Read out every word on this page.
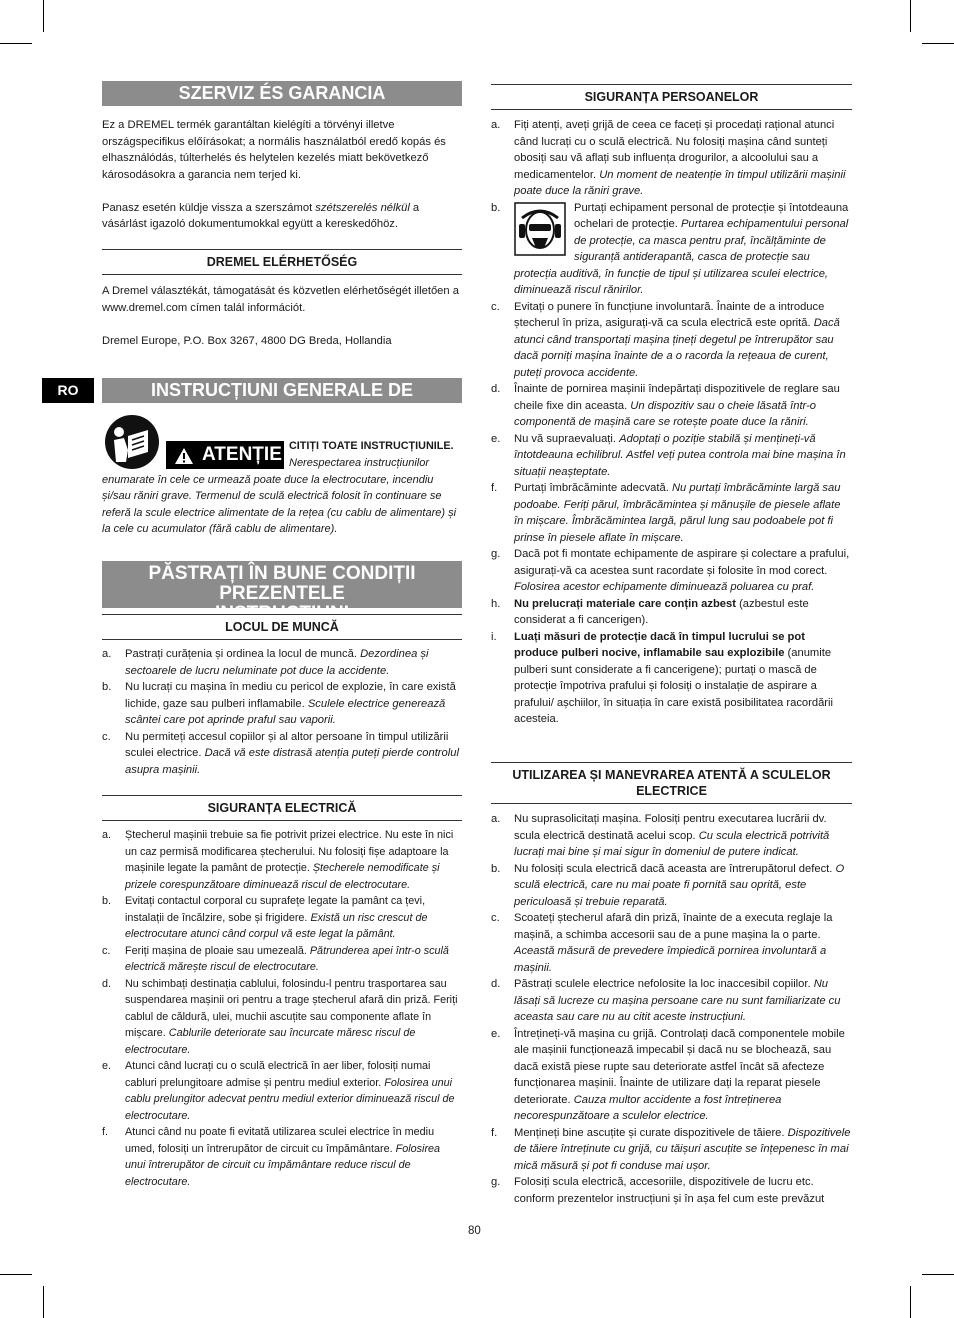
SZERVIZ ÉS GARANCIA

Ez a DREMEL termék garantáltan kielégíti a törvényi illetve országspecifikus előírásokat; a normális használatból eredő kopás és elhasználódás, túlterhelés és helytelen kezelés miatt bekövetkező károsodásokra a garancia nem terjed ki.

Panasz esetén küldje vissza a szerszámot szétszerelés nélkül a vásárlást igazoló dokumentumokkal együtt a kereskedőhöz.

DREMEL ELÉRHETŐSÉG

A Dremel választékát, támogatását és közvetlen elérhetőségét illetően a www.dremel.com címen talál információt.

Dremel Europe, P.O. Box 3267, 4800 DG Breda, Hollandia

RO	INSTRUCȚIUNI GENERALE DE SIGURANȚĂ
ATENȚIE CITIȚI TOATE INSTRUCȚIUNILE.
Nerespectarea instrucțiunilor enumarate în cele ce urmează poate duce la electrocutare, incendiu și/sau răniri grave. Termenul de sculă electrică folosit în continuare se referă la scule electrice alimentate de la rețea (cu cablu de alimentare) și la cele cu acumulator (fără cablu de alimentare).
PĂSTRAȚI ÎN BUNE CONDIȚII PREZENTELE
INSTRUCȚIUNI
LOCUL DE MUNCĂ
a. Pastrați curățenia și ordinea la locul de muncă. Dezordinea și sectoarele de lucru neluminate pot duce la accidente.
b. Nu lucrați cu mașina în mediu cu pericol de explozie, în care există lichide, gaze sau pulberi inflamabile. Sculele electrice generează scântei care pot aprinde praful sau vaporii.
c. Nu permiteți accesul copiilor și al altor persoane în timpul utilizării sculei electrice. Dacă vă este distrasă atenția puteți pierde controlul asupra mașinii.
SIGURANȚA ELECTRICĂ
a. Ștecherul mașinii trebuie sa fie potrivit prizei electrice. Nu este în nici un caz permisă modificarea ștecherului. Nu folosiți fișe adaptoare la mașinile legate la pamânt de protecție. Ștecherele nemodificate și prizele corespunzătoare diminuează riscul de electrocutare.
b. Evitați contactul corporal cu suprafețe legate la pamânt ca țevi, instalații de încălzire, sobe și frigidere. Există un risc crescut de electrocutare atunci când corpul vă este legat la pământ.
c. Feriți mașina de ploaie sau umezeală. Pătrunderea apei într-o sculă electrică mărește riscul de electrocutare.
d. Nu schimbați destinația cablului, folosindu-l pentru trasportarea sau suspendarea mașinii ori pentru a trage ștecherul afară din priză. Feriți cablul de căldură, ulei, muchii ascuțite sau componente aflate în mișcare. Cablurile deteriorate sau încurcate măresc riscul de electrocutare.
e. Atunci când lucrați cu o sculă electrică în aer liber, folosiți numai cabluri prelungitoare admise și pentru mediul exterior. Folosirea unui cablu prelungitor adecvat pentru mediul exterior diminuează riscul de electrocutare.
f. Atunci când nu poate fi evitată utilizarea sculei electrice în mediu umed, folosiți un întrerupător de circuit cu împământare. Folosirea unui întrerupător de circuit cu împământare reduce riscul de electrocutare.
SIGURANȚA PERSOANELOR
a. Fiți atenți, aveți grijă de ceea ce faceți și procedați rațional atunci când lucrați cu o sculă electrică. Nu folosiți mașina când sunteți obosiți sau vă aflați sub influența drogurilor, a alcoolului sau a medicamentelor. Un moment de neatenție în timpul utilizării mașinii poate duce la răniri grave.
b.	Purtați echipament personal de protecție și întotdeauna ochelari de protecție. Purtarea echipamentului personal de protecție, ca masca pentru praf, încălțăminte de siguranță antiderapantă, casca de protecție sau protecția auditivă, în funcție de tipul și utilizarea sculei electrice, diminuează riscul rănirilor.
c. Evitați o punere în funcțiune involuntară. Înainte de a introduce ștecherul în priza, asigurați-vă ca scula electrică este oprită. Dacă atunci când transportați mașina țineți degetul pe întrerupător sau dacă porniți mașina înainte de a o racorda la rețeaua de curent, puteți provoca accidente.
d. Înainte de pornirea mașinii îndepărtați dispozitivele de reglare sau cheile fixe din aceasta. Un dispozitiv sau o cheie lăsată într-o componentă de mașină care se rotește poate duce la răniri.
e. Nu vă supraevaluați. Adoptați o poziție stabilă și mențineți-vă întotdeauna echilibrul. Astfel veți putea controla mai bine mașina în situații neașteptate.
f. Purtați îmbrăcăminte adecvată. Nu purtați îmbrăcăminte largă sau podoabe. Feriți părul, îmbrăcămintea și mănușile de piesele aflate în mișcare. Îmbrăcămintea largă, părul lung sau podoabele pot fi prinse în piesele aflate în mișcare.
g. Dacă pot fi montate echipamente de aspirare și colectare a prafului, asigurați-vă ca acestea sunt racordate și folosite în mod corect. Folosirea acestor echipamente diminuează poluarea cu praf.
h. Nu prelucrați materiale care conțin azbest (azbestul este considerat a fi cancerigen).
i. Luați măsuri de protecție dacă în timpul lucrului se pot produce pulberi nocive, inflamabile sau explozibile (anumite pulberi sunt considerate a fi cancerigene); purtați o mască de protecție împotriva prafului și folosiți o instalație de aspirare a prafului/ așchiilor, în situația în care există posibilitatea racordării acesteia.
UTILIZAREA ȘI MANEVRAREA ATENTĂ A SCULELOR
ELECTRICE
a. Nu suprasolicitați mașina. Folosiți pentru executarea lucrării dv. scula electrică destinată acelui scop. Cu scula electrică potrivită lucrați mai bine și mai sigur în domeniul de putere indicat.
b. Nu folosiți scula electrică dacă aceasta are întrerupătorul defect. O sculă electrică, care nu mai poate fi pornită sau oprită, este periculoasă și trebuie reparată.
c. Scoateți ștecherul afară din priză, înainte de a executa reglaje la mașină, a schimba accesorii sau de a pune mașina la o parte. Această măsură de prevedere împiedică pornirea involuntară a mașinii.
d. Păstrați sculele electrice nefolosite la loc inaccesibil copiilor. Nu lăsați să lucreze cu mașina persoane care nu sunt familiarizate cu aceasta sau care nu au citit aceste instrucțiuni.
e. Întrețineți-vă mașina cu grijă. Controlați dacă componentele mobile ale mașinii funcționează impecabil și dacă nu se blochează, sau dacă există piese rupte sau deteriorate astfel încât să afecteze funcționarea mașinii. Înainte de utilizare dați la reparat piesele deteriorate. Cauza multor accidente a fost întreținerea necorespunzătoare a sculelor electrice.
f. Mențineți bine ascuțite și curate dispozitivele de tăiere. Dispozitivele de tăiere întreținute cu grijă, cu tăișuri ascuțite se înțepenesc în mai mică măsură și pot fi conduse mai ușor.
g. Folosiți scula electrică, accesoriile, dispozitivele de lucru etc. conform prezentelor instrucțiuni și în așa fel cum este prevăzut
80
